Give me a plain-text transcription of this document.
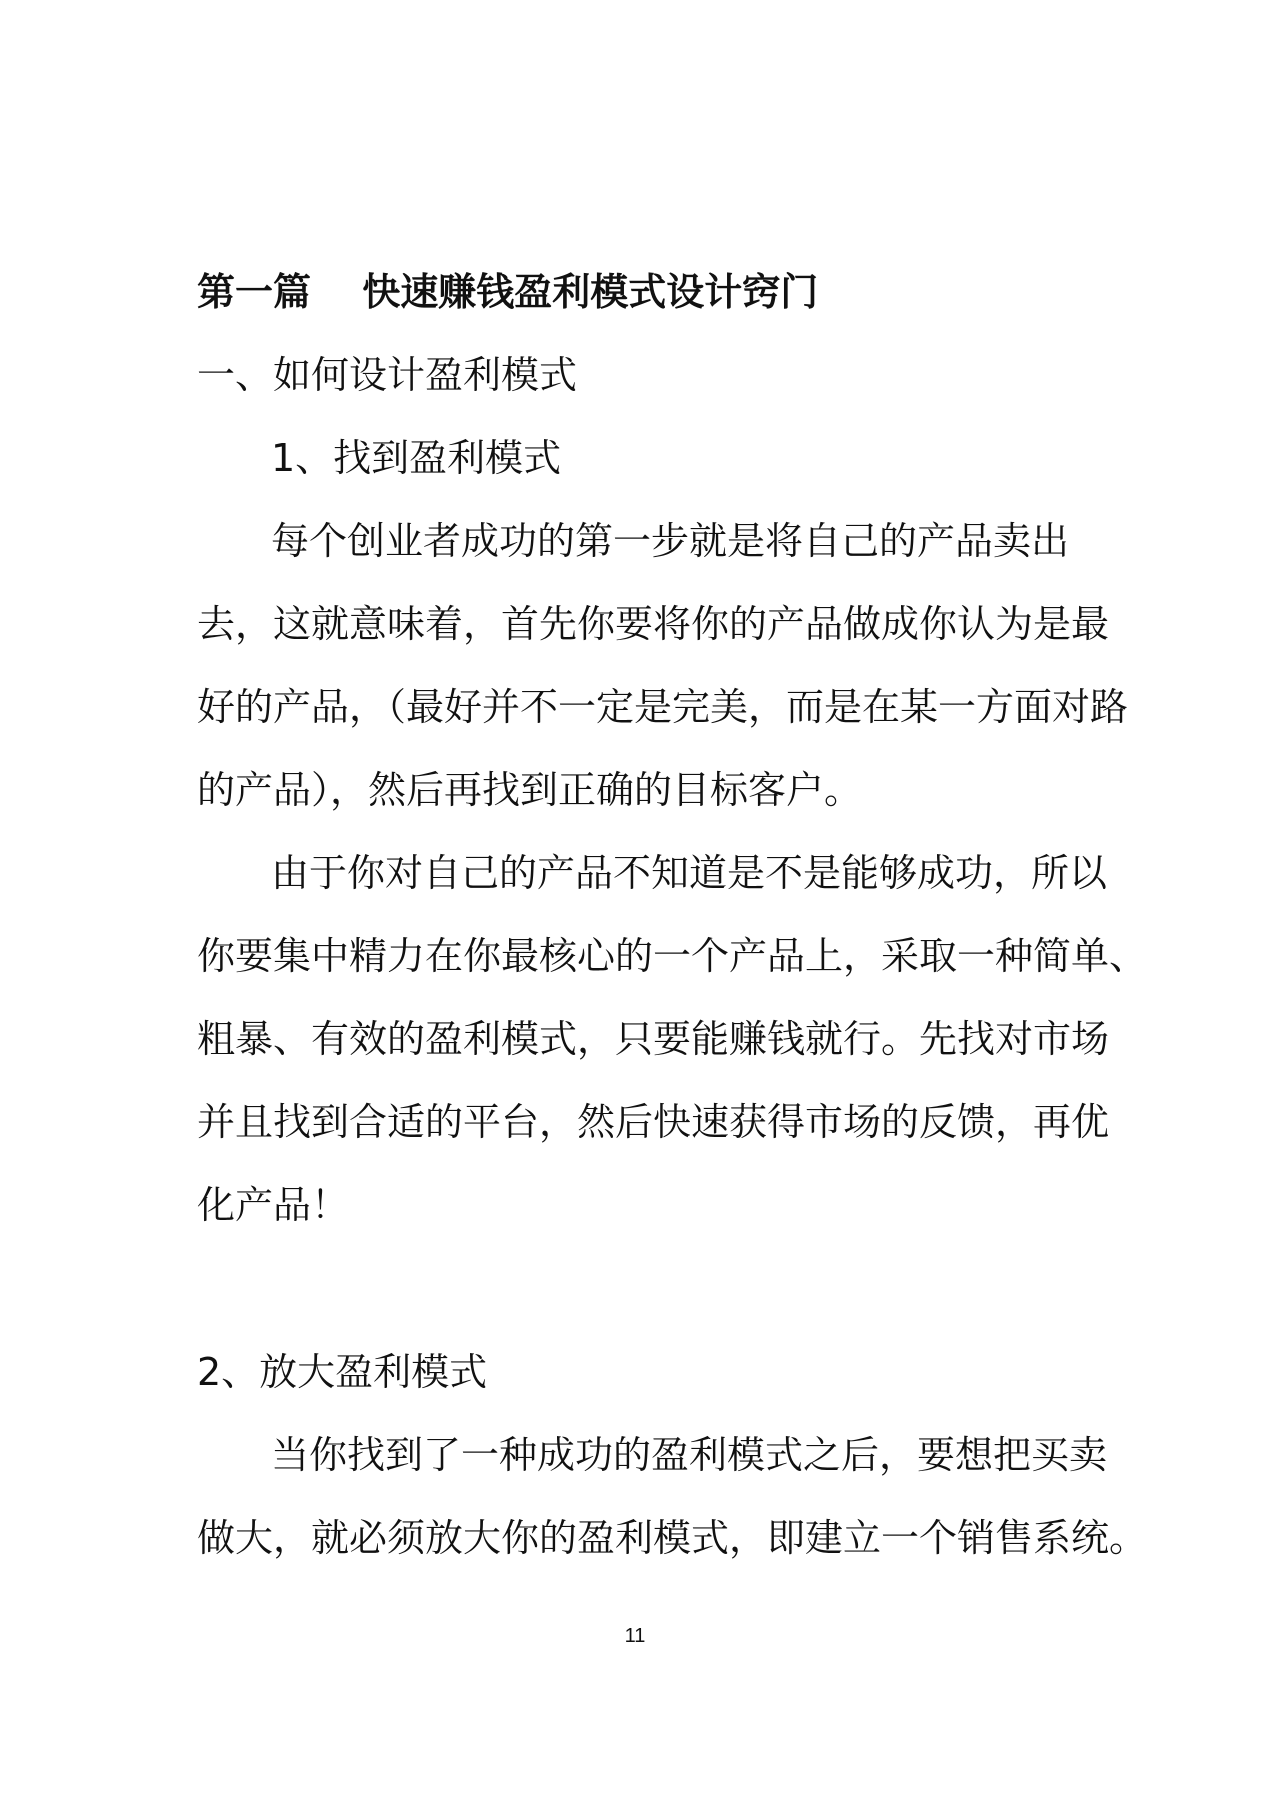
第一篇　 快速赚钱盈利模式设计窍门
一、如何设计盈利模式
1、找到盈利模式
每个创业者成功的第一步就是将自己的产品卖出
去，这就意味着，首先你要将你的产品做成你认为是最
好的产品，（最好并不一定是完美，而是在某一方面对路
的产品），然后再找到正确的目标客户。
由于你对自己的产品不知道是不是能够成功，所以
你要集中精力在你最核心的一个产品上，采取一种简单、
粗暴、有效的盈利模式，只要能赚钱就行。先找对市场
并且找到合适的平台，然后快速获得市场的反馈，再优
化产品！
2、放大盈利模式
当你找到了一种成功的盈利模式之后，要想把买卖
做大，就必须放大你的盈利模式，即建立一个销售系统。
11
